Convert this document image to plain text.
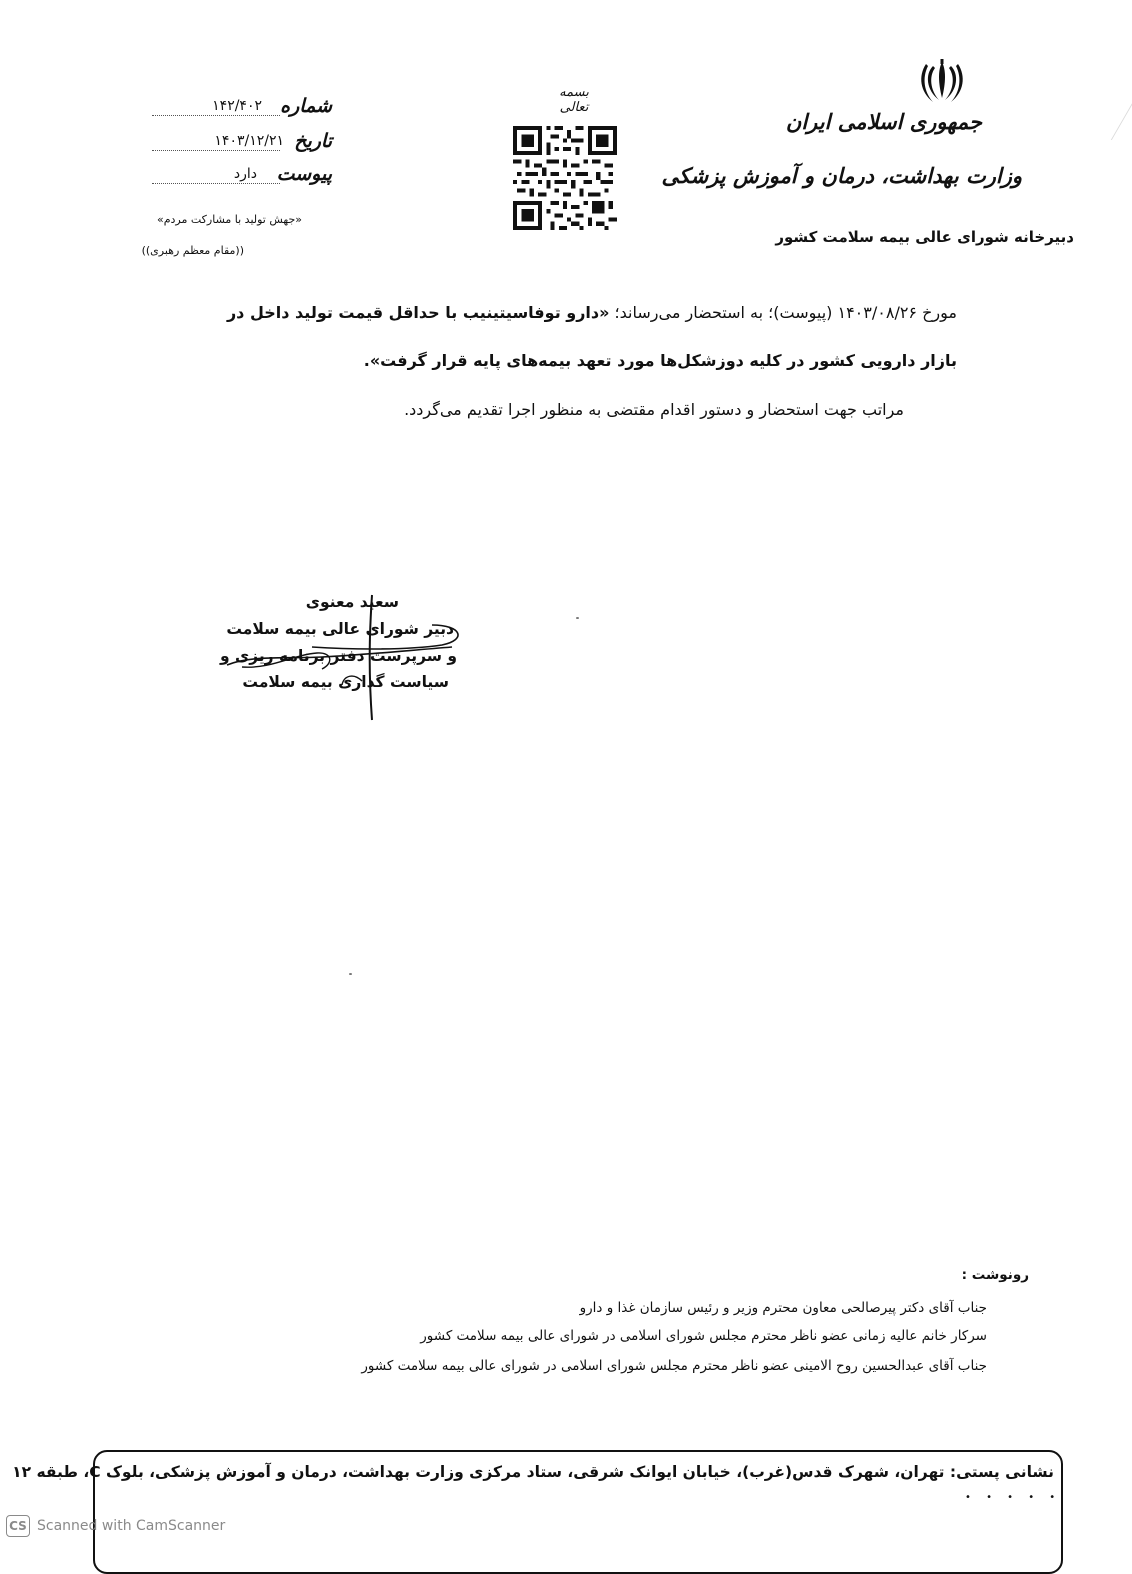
جمهوری اسلامی ایران
وزارت بهداشت، درمان و آموزش پزشکی
دبیرخانه شورای عالی بیمه سلامت کشور
بسمه تعالی
شماره
۱۴۲/۴۰۲
تاریخ
۱۴۰۳/۱۲/۲۱
پیوست
دارد
«جهش تولید با مشارکت مردم»
((مقام معظم رهبری))
مورخ ۱۴۰۳/۰۸/۲۶ (پیوست)؛ به استحضار می‌رساند؛ «دارو توفاسیتینیب با حداقل قیمت تولید داخل در
بازار دارویی کشور در کلیه دوزشکل‌ها مورد تعهد بیمه‌های پایه قرار گرفت».
مراتب جهت استحضار و دستور اقدام مقتضی به منظور اجرا تقدیم می‌گردد.
سعید معنوی
دبیر شورای عالی بیمه سلامت
و سرپرست دفتر برنامه ریزی و
سیاست گذاری بیمه سلامت
رونوشت :
جناب آقای دکتر پیرصالحی معاون محترم وزیر و رئیس سازمان غذا و دارو
سرکار خانم عالیه زمانی عضو ناظر محترم مجلس شورای اسلامی در شورای عالی بیمه سلامت کشور
جناب آقای عبدالحسین روح الامینی عضو ناظر محترم مجلس شورای اسلامی در شورای عالی بیمه سلامت کشور
نشانی پستی: تهران، شهرک قدس(غرب)، خیابان ایوانک شرقی، ستاد مرکزی وزارت بهداشت، درمان و آموزش پزشکی، بلوک C، طبقه ۱۲
• • • • •
CS Scanned with CamScanner
